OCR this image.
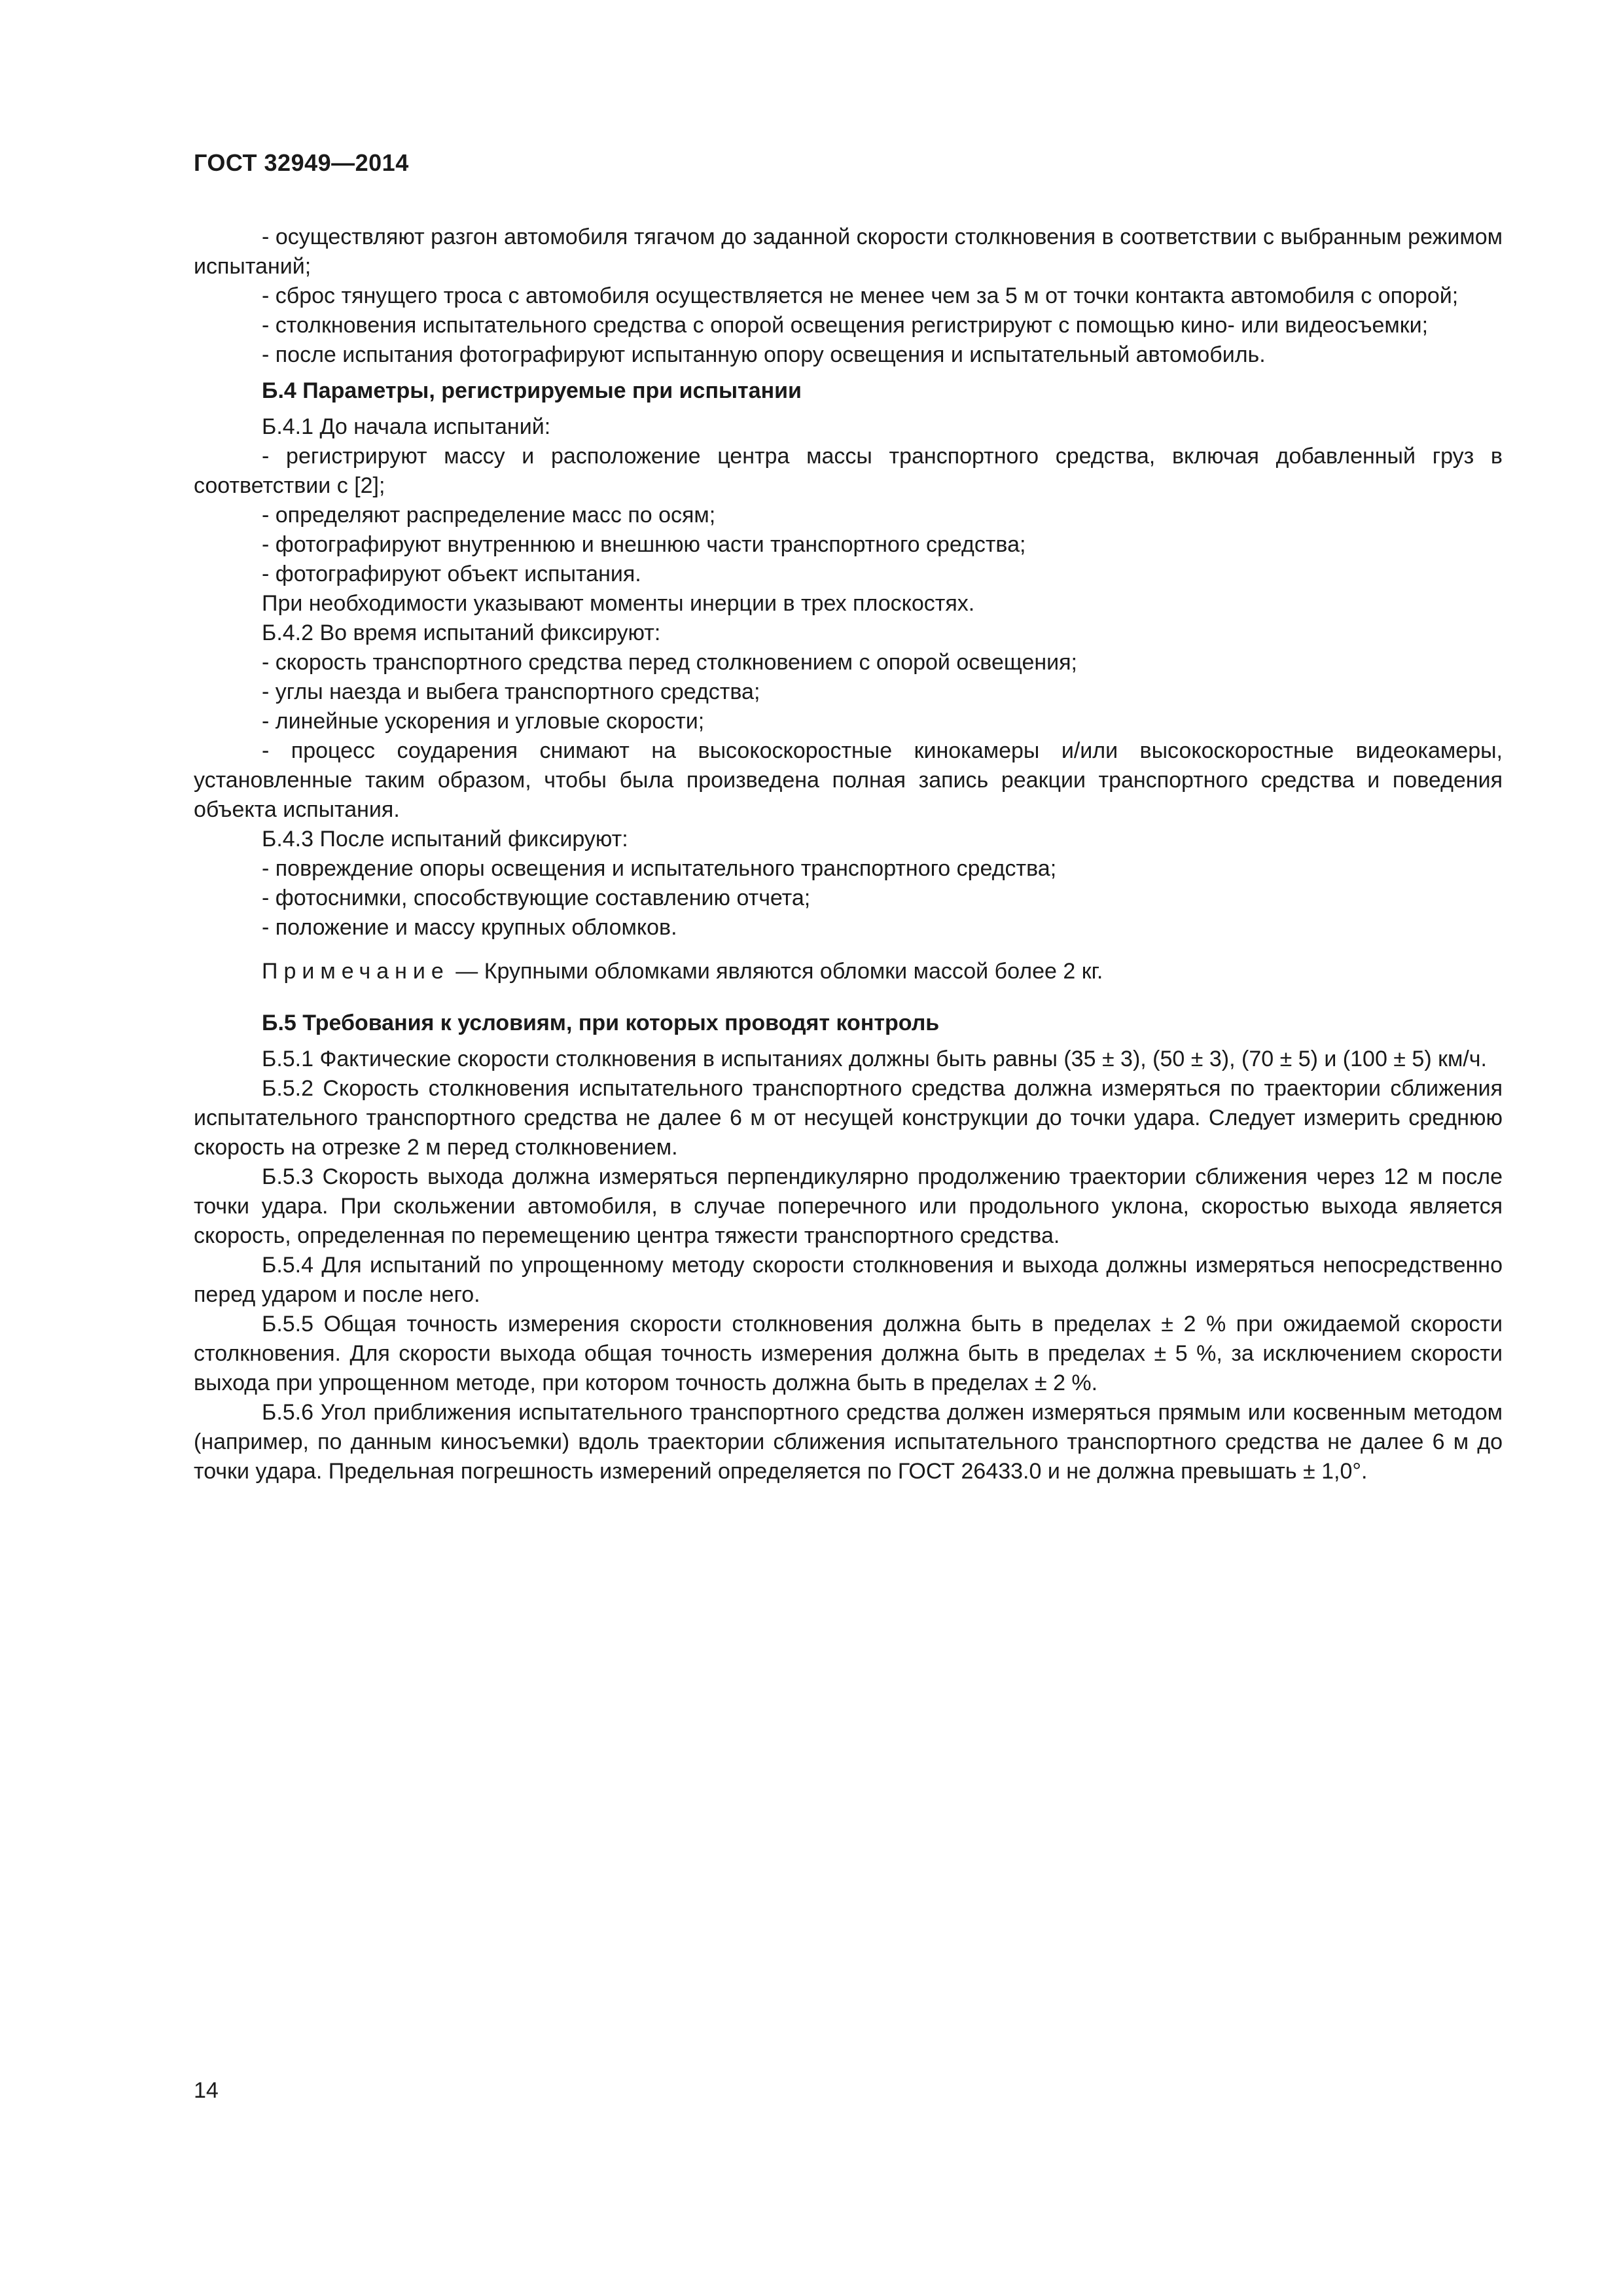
ГОСТ 32949—2014

- осуществляют разгон автомобиля тягачом до заданной скорости столкновения в соответствии с выбранным режимом испытаний;

- сброс тянущего троса с автомобиля осуществляется не менее чем за 5 м от точки контакта автомобиля с опорой;

- столкновения испытательного средства с опорой освещения регистрируют с помощью кино- или видеосъемки;

- после испытания фотографируют испытанную опору освещения и испытательный автомобиль.

Б.4 Параметры, регистрируемые при испытании

Б.4.1 До начала испытаний:

- регистрируют массу и расположение центра массы транспортного средства, включая добавленный груз в соответствии с [2];

- определяют распределение масс по осям;

- фотографируют внутреннюю и внешнюю части транспортного средства;

- фотографируют объект испытания.

При необходимости указывают моменты инерции в трех плоскостях.

Б.4.2 Во время испытаний фиксируют:

- скорость транспортного средства перед столкновением с опорой освещения;

- углы наезда и выбега транспортного средства;

- линейные ускорения и угловые скорости;

- процесс соударения снимают на высокоскоростные кинокамеры и/или высокоскоростные видеокамеры, установленные таким образом, чтобы была произведена полная запись реакции транспортного средства и поведения объекта испытания.

Б.4.3 После испытаний фиксируют:

- повреждение опоры освещения и испытательного транспортного средства;

- фотоснимки, способствующие составлению отчета;

- положение и массу крупных обломков.

Примечание — Крупными обломками являются обломки массой более 2 кг.

Б.5 Требования к условиям, при которых проводят контроль

Б.5.1 Фактические скорости столкновения в испытаниях должны быть равны (35 ± 3), (50 ± 3), (70 ± 5) и (100 ± 5) км/ч.

Б.5.2 Скорость столкновения испытательного транспортного средства должна измеряться по траектории сближения испытательного транспортного средства не далее 6 м от несущей конструкции до точки удара. Следует измерить среднюю скорость на отрезке 2 м перед столкновением.

Б.5.3 Скорость выхода должна измеряться перпендикулярно продолжению траектории сближения через 12 м после точки удара. При скольжении автомобиля, в случае поперечного или продольного уклона, скоростью выхода является скорость, определенная по перемещению центра тяжести транспортного средства.

Б.5.4 Для испытаний по упрощенному методу скорости столкновения и выхода должны измеряться непосредственно перед ударом и после него.

Б.5.5 Общая точность измерения скорости столкновения должна быть в пределах ± 2 % при ожидаемой скорости столкновения. Для скорости выхода общая точность измерения должна быть в пределах ± 5 %, за исключением скорости выхода при упрощенном методе, при котором точность должна быть в пределах ± 2 %.

Б.5.6 Угол приближения испытательного транспортного средства должен измеряться прямым или косвенным методом (например, по данным киносъемки) вдоль траектории сближения испытательного транспортного средства не далее 6 м до точки удара. Предельная погрешность измерений определяется по ГОСТ 26433.0 и не должна превышать ± 1,0°.

14
